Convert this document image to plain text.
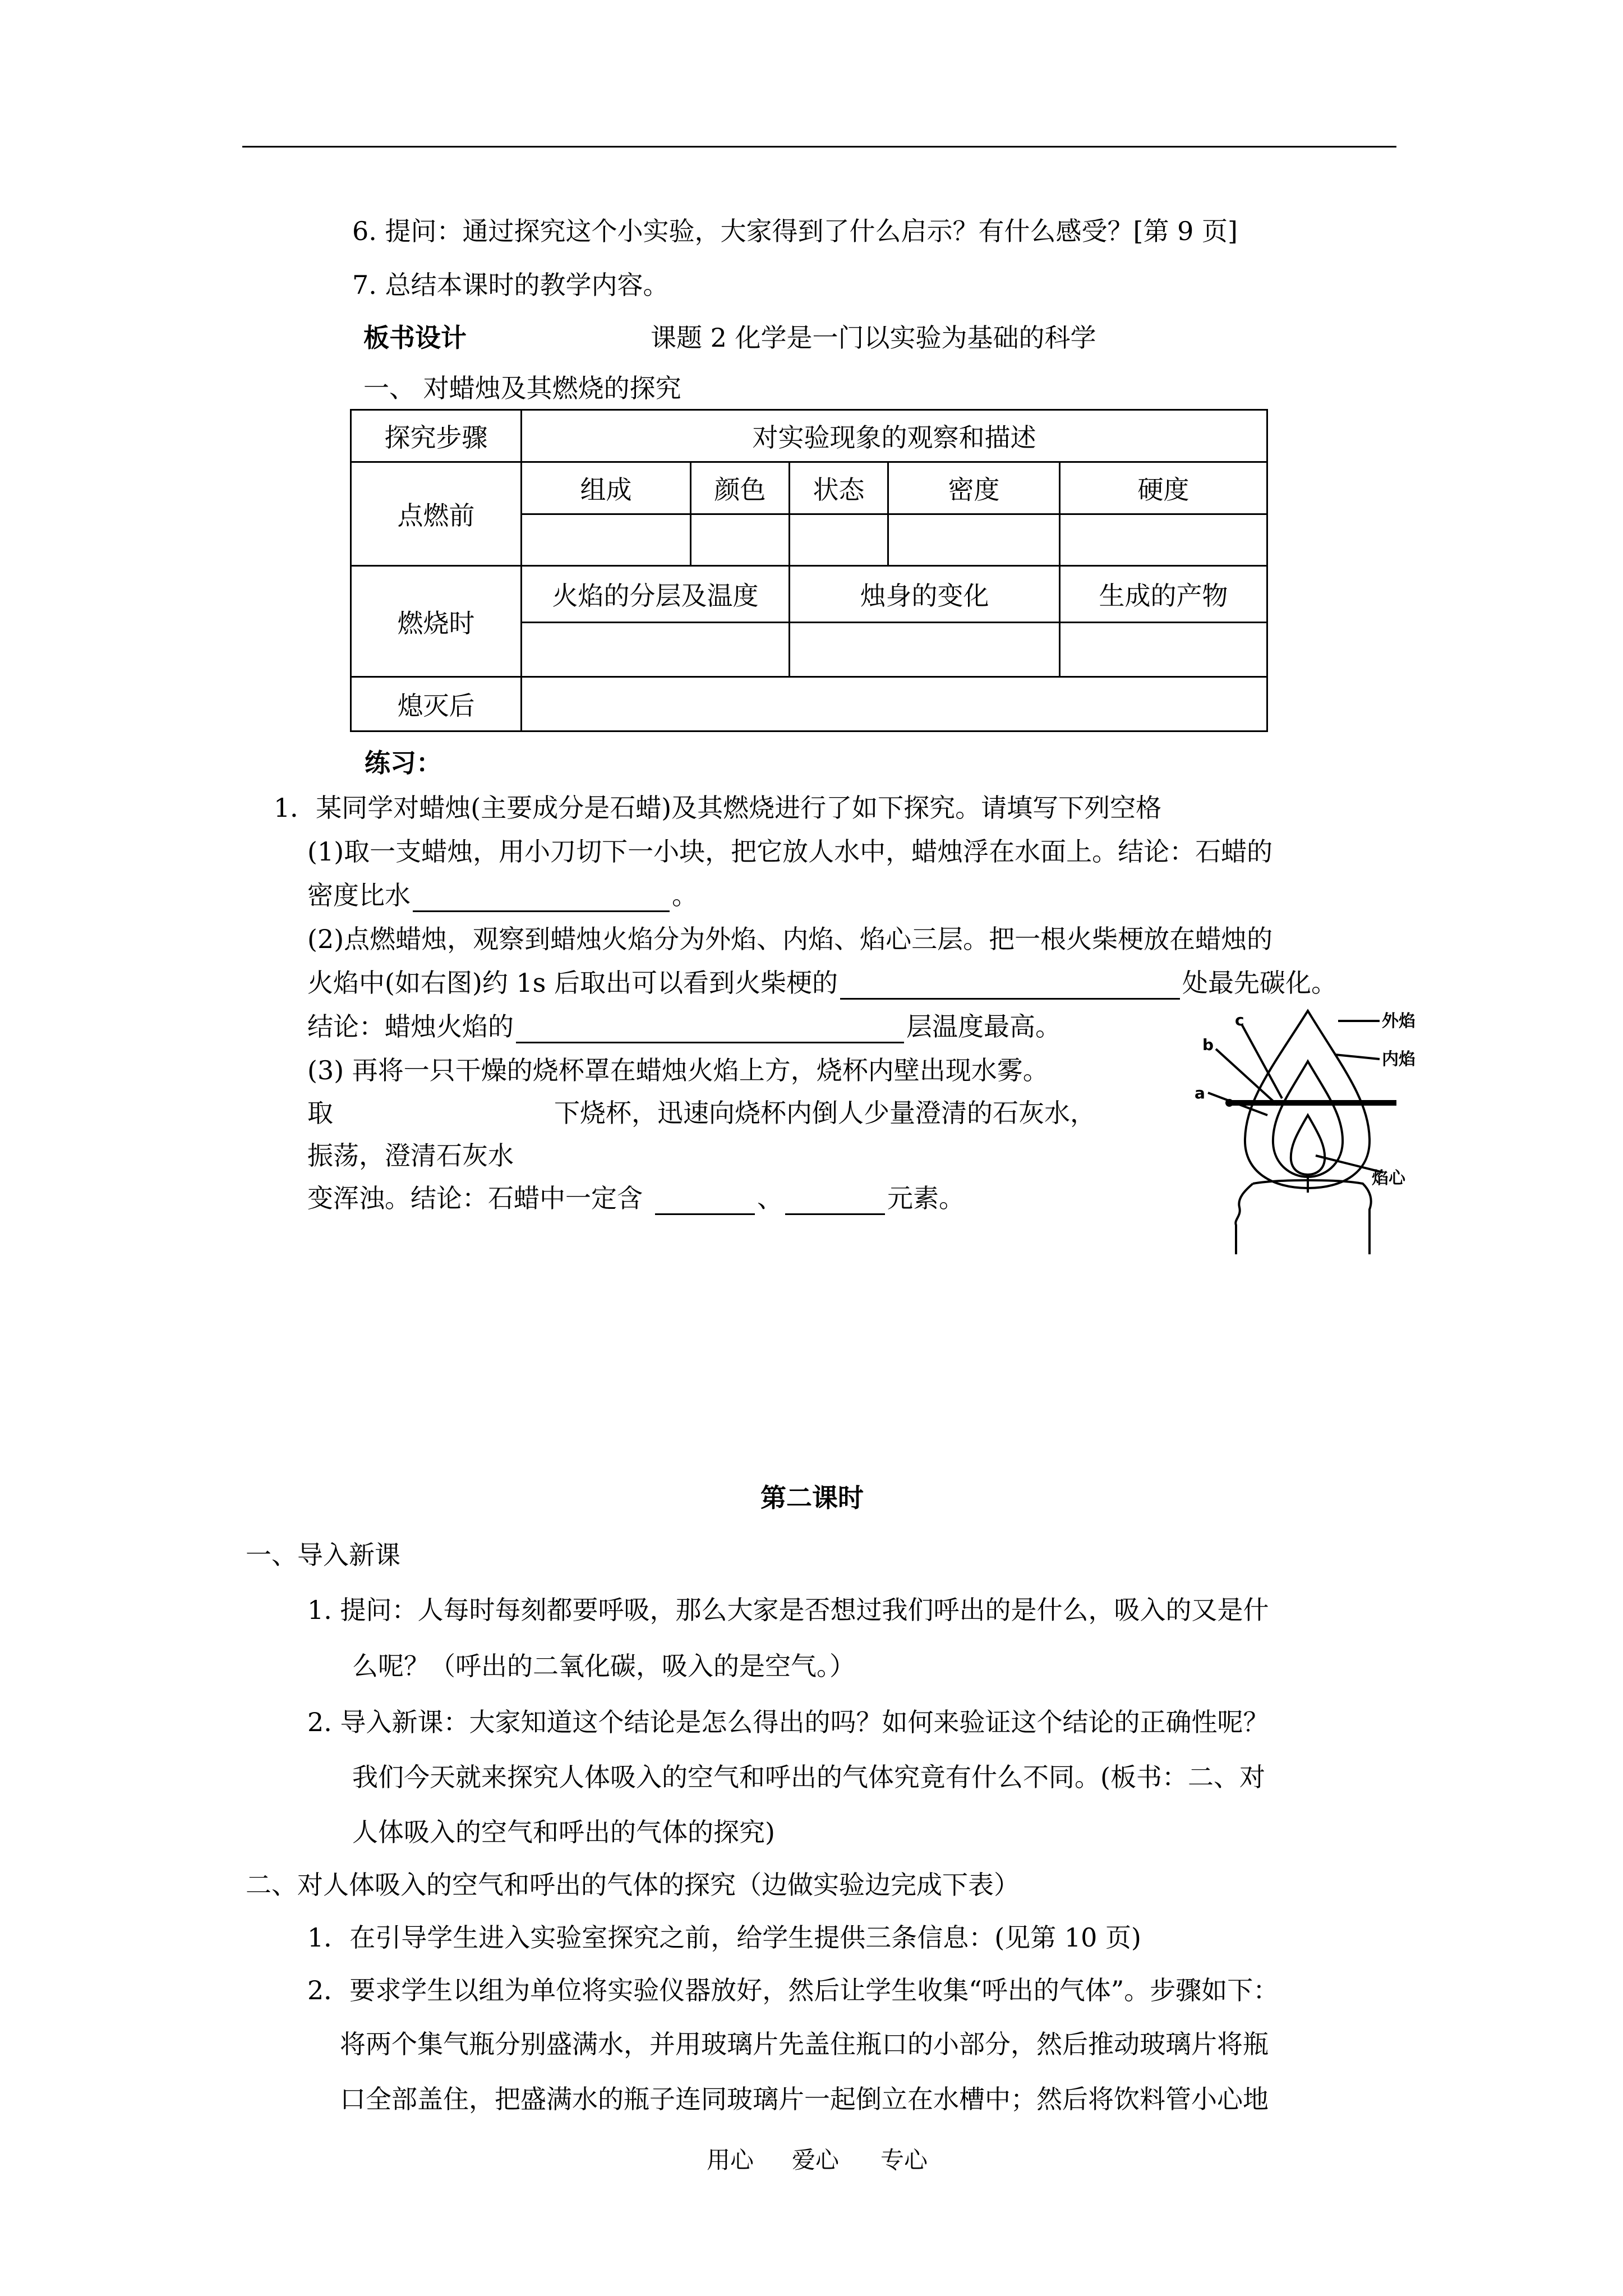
6. 提问：通过探究这个小实验，大家得到了什么启示？有什么感受？[第 9 页]
7. 总结本课时的教学内容。
板书设计	课题 2 化学是一门以实验为基础的科学
一、 对蜡烛及其燃烧的探究
探究步骤	对实验现象的观察和描述				
点燃前	组成	颜色	状态	密度	硬度

燃烧时	火焰的分层及温度		烛身的变化		生成的产物

熄灭后					
练习：
1．某同学对蜡烛(主要成分是石蜡)及其燃烧进行了如下探究。请填写下列空格
(1)取一支蜡烛，用小刀切下一小块，把它放人水中，蜡烛浮在水面上。结论：石蜡的
密度比水	。
(2)点燃蜡烛，观察到蜡烛火焰分为外焰、内焰、焰心三层。把一根火柴梗放在蜡烛的
火焰中(如右图)约 1s 后取出可以看到火柴梗的	处最先碳化。
结论：蜡烛火焰的	层温度最高。
(3) 再将一只干燥的烧杯罩在蜡烛火焰上方，烧杯内壁出现水雾。
取	下烧杯，迅速向烧杯内倒人少量澄清的石灰水，
振荡，澄清石灰水
变浑浊。结论：石蜡中一定含	、	元素。
外焰
内焰
焰心
a
b
c
第二课时
一、导入新课
1. 提问：人每时每刻都要呼吸，那么大家是否想过我们呼出的是什么，吸入的又是什
么呢？（呼出的二氧化碳，吸入的是空气。）
2. 导入新课：大家知道这个结论是怎么得出的吗？如何来验证这个结论的正确性呢？
我们今天就来探究人体吸入的空气和呼出的气体究竟有什么不同。(板书：二、对
人体吸入的空气和呼出的气体的探究)
二、对人体吸入的空气和呼出的气体的探究（边做实验边完成下表）
1．在引导学生进入实验室探究之前，给学生提供三条信息：(见第 10 页)
2．要求学生以组为单位将实验仪器放好，然后让学生收集“呼出的气体”。步骤如下：
将两个集气瓶分别盛满水，并用玻璃片先盖住瓶口的小部分，然后推动玻璃片将瓶
口全部盖住，把盛满水的瓶子连同玻璃片一起倒立在水槽中；然后将饮料管小心地
用心 爱心 专心
